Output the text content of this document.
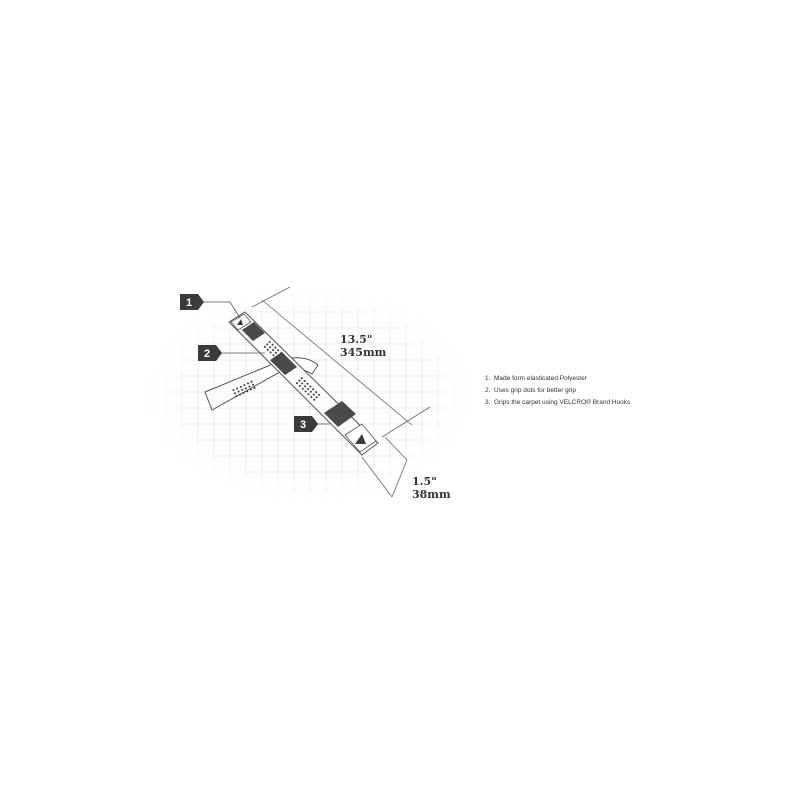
13.5"
345mm
1.5"
38mm
1
2
3
1. Made form elasticated Polyester
2. Uses grip dots for better grip
3. Grips the carpet using VELCRO® Brand Hooks
